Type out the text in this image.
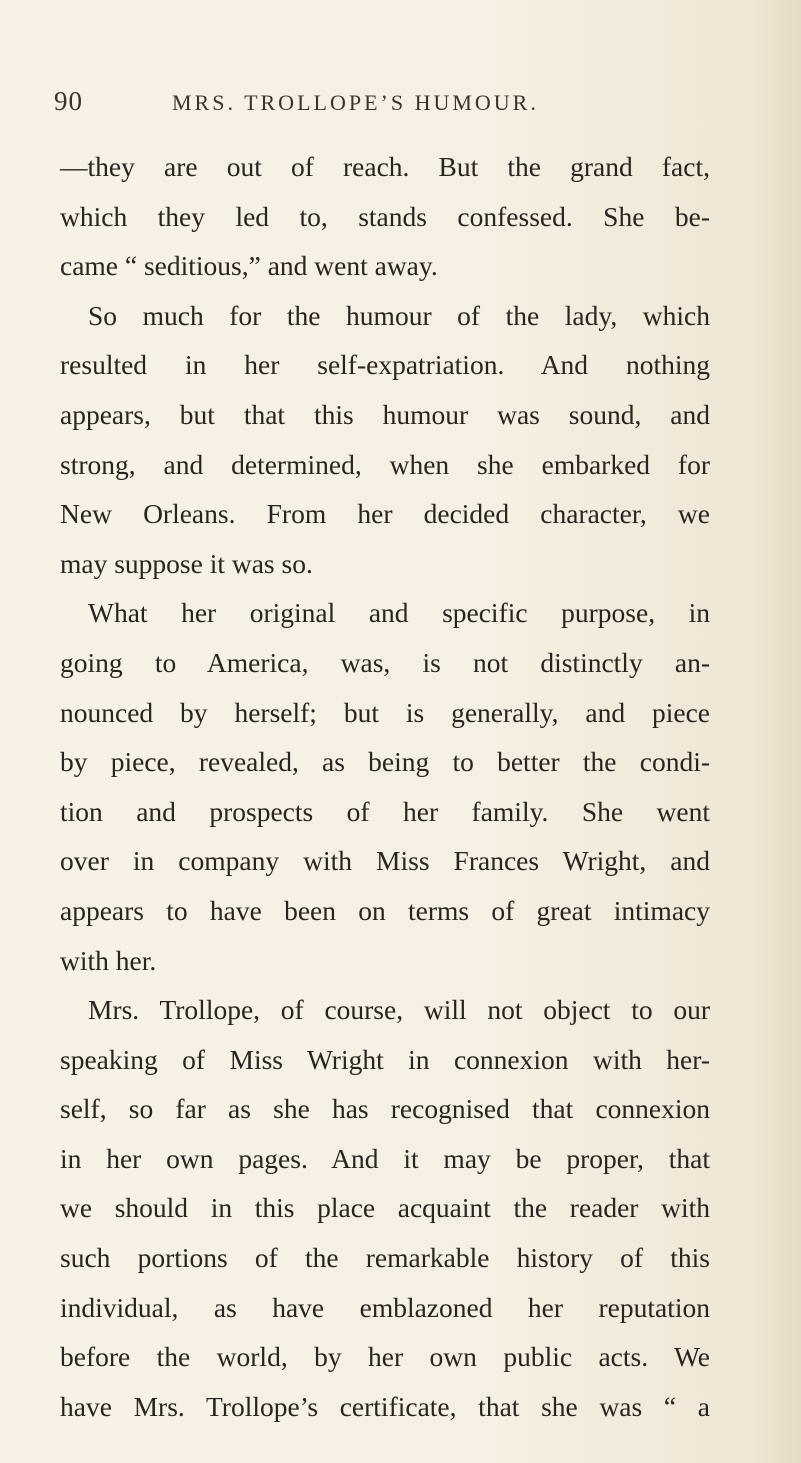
90	MRS. TROLLOPE’S HUMOUR.
—they are out of reach. But the grand fact,
which they led to, stands confessed. She be-
came “ seditious,” and went away.
So much for the humour of the lady, which
resulted in her self-expatriation. And nothing
appears, but that this humour was sound, and
strong, and determined, when she embarked for
New Orleans. From her decided character, we
may suppose it was so.
What her original and specific purpose, in
going to America, was, is not distinctly an-
nounced by herself; but is generally, and piece
by piece, revealed, as being to better the condi-
tion and prospects of her family. She went
over in company with Miss Frances Wright, and
appears to have been on terms of great intimacy
with her.
Mrs. Trollope, of course, will not object to our
speaking of Miss Wright in connexion with her-
self, so far as she has recognised that connexion
in her own pages. And it may be proper, that
we should in this place acquaint the reader with
such portions of the remarkable history of this
individual, as have emblazoned her reputation
before the world, by her own public acts. We
have Mrs. Trollope’s certificate, that she was “ a
